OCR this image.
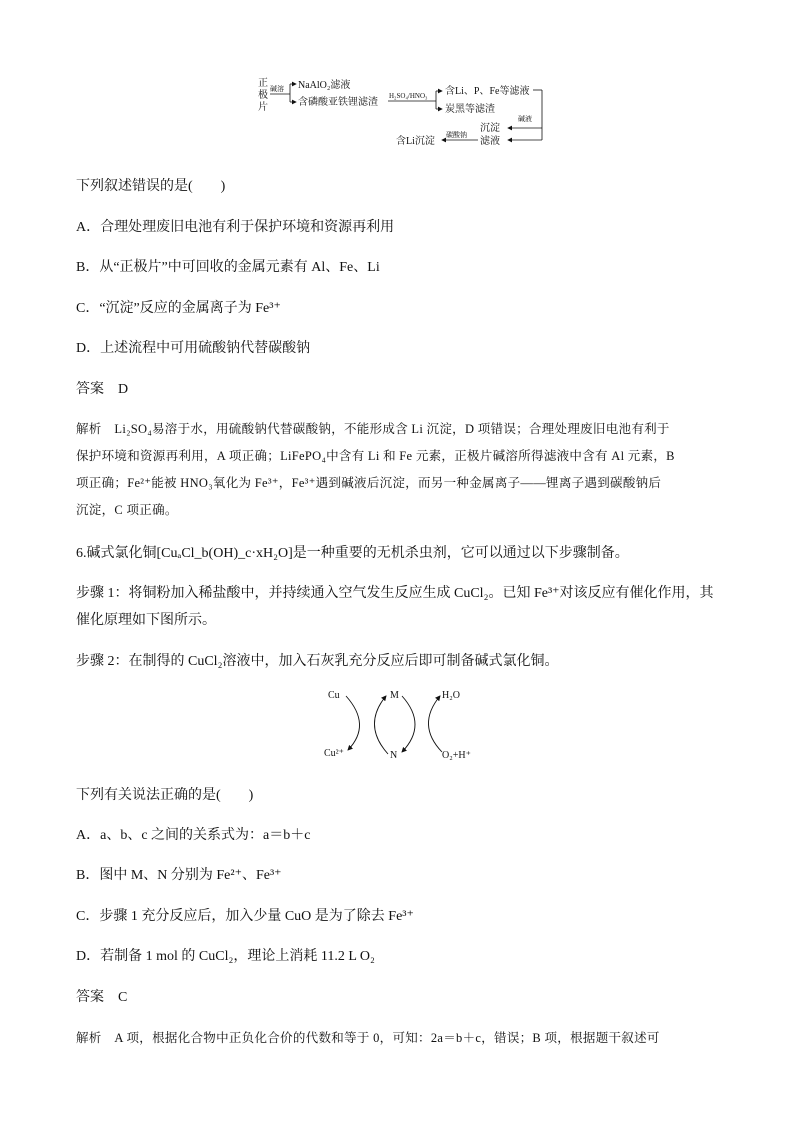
正
极
片
碱溶 NaAlO₂滤液
含磷酸亚铁锂滤渣
H₂SO₄/HNO₃ 含Li、P、Fe等滤液
炭黑等滤渣
碱液
沉淀
滤液
碳酸钠
含Li沉淀
下列叙述错误的是(　　)
A．合理处理废旧电池有利于保护环境和资源再利用
B．从“正极片”中可回收的金属元素有 Al、Fe、Li
C．“沉淀”反应的金属离子为 Fe³⁺
D．上述流程中可用硫酸钠代替碳酸钠
答案　D
解析　Li₂SO₄易溶于水，用硫酸钠代替碳酸钠，不能形成含 Li 沉淀，D 项错误；合理处理废旧电池有利于
保护环境和资源再利用，A 项正确；LiFePO₄中含有 Li 和 Fe 元素，正极片碱溶所得滤液中含有 Al 元素，B
项正确；Fe²⁺能被 HNO₃氧化为 Fe³⁺，Fe³⁺遇到碱液后沉淀，而另一种金属离子——锂离子遇到碳酸钠后
沉淀，C 项正确。
6.碱式氯化铜[CuₐCl_b(OH)_c·xH₂O]是一种重要的无机杀虫剂，它可以通过以下步骤制备。
步骤 1：将铜粉加入稀盐酸中，并持续通入空气发生反应生成 CuCl₂。已知 Fe³⁺对该反应有催化作用，其
催化原理如下图所示。
步骤 2：在制得的 CuCl₂溶液中，加入石灰乳充分反应后即可制备碱式氯化铜。
Cu	M	H₂O
Cu²⁺	N	O₂+H⁺
下列有关说法正确的是(　　)
A．a、b、c 之间的关系式为：a＝b＋c
B．图中 M、N 分别为 Fe²⁺、Fe³⁺
C．步骤 1 充分反应后，加入少量 CuO 是为了除去 Fe³⁺
D．若制备 1 mol 的 CuCl₂，理论上消耗 11.2 L O₂
答案　C
解析　A 项，根据化合物中正负化合价的代数和等于 0，可知：2a＝b＋c，错误；B 项，根据题干叙述可
